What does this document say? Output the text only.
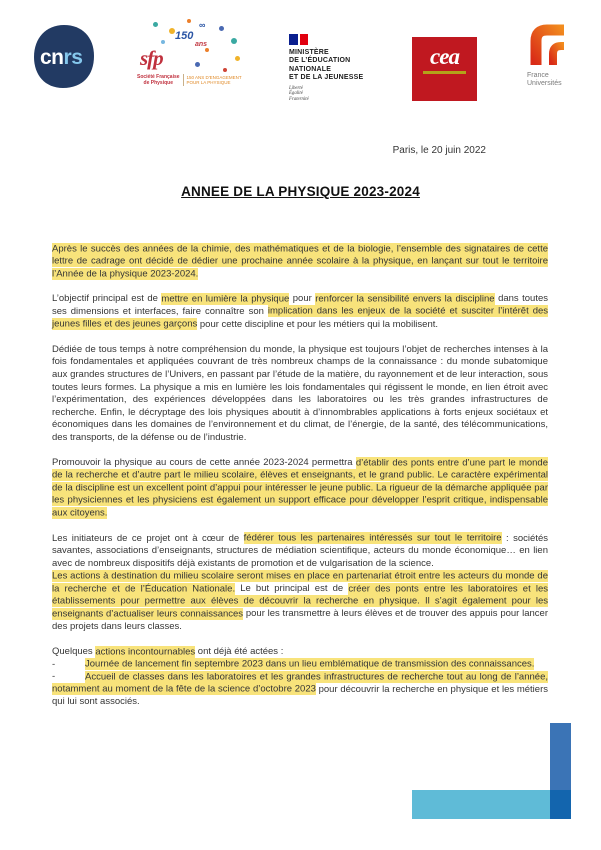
cnrs
∞
150
ans
sfp
Société Française
de Physique
150 ANS D'ENGAGEMENT
POUR LA PHYSIQUE
MINISTÈRE
DE L’ÉDUCATION
NATIONALE
ET DE LA JEUNESSE
Liberté
Égalité
Fraternité
cea
France
Universités
Paris, le 20 juin 2022
ANNEE DE LA PHYSIQUE 2023-2024

Après le succès des années de la chimie, des mathématiques et de la biologie, l’ensemble des signataires de cette lettre de cadrage ont décidé de dédier une prochaine année scolaire à la physique, en lançant sur tout le territoire l’Année de la physique 2023-2024.

L’objectif principal est de mettre en lumière la physique pour renforcer la sensibilité envers la discipline dans toutes ses dimensions et interfaces, faire connaître son implication dans les enjeux de la société et susciter l’intérêt des jeunes filles et des jeunes garçons pour cette discipline et pour les métiers qui la mobilisent.

Dédiée de tous temps à notre compréhension du monde, la physique est toujours l’objet de recherches intenses à la fois fondamentales et appliquées couvrant de très nombreux champs de la connaissance : du monde subatomique aux grandes structures de l’Univers, en passant par l’étude de la matière, du rayonnement et de leur interaction, sous toutes leurs formes. La physique a mis en lumière les lois fondamentales qui régissent le monde, en lien étroit avec l’expérimentation, des expériences développées dans les laboratoires ou les très grandes infrastructures de recherche. Enfin, le décryptage des lois physiques aboutit à d’innombrables applications à forts enjeux sociétaux et économiques dans les domaines de l’environnement et du climat, de l’énergie, de la santé, des télécommunications, des transports, de la défense ou de l’industrie.

Promouvoir la physique au cours de cette année 2023-2024 permettra d’établir des ponts entre d’une part le monde de la recherche et d’autre part le milieu scolaire, élèves et enseignants, et le grand public. Le caractère expérimental de la discipline est un excellent point d’appui pour intéresser le jeune public. La rigueur de la démarche appliquée par les physiciennes et les physiciens est également un support efficace pour développer l’esprit critique, indispensable aux citoyens.

Les initiateurs de ce projet ont à cœur de fédérer tous les partenaires intéressés sur tout le territoire : sociétés savantes, associations d’enseignants, structures de médiation scientifique, acteurs du monde économique… en lien avec de nombreux dispositifs déjà existants de promotion et de vulgarisation de la science.

Les actions à destination du milieu scolaire seront mises en place en partenariat étroit entre les acteurs du monde de la recherche et de l’Éducation Nationale. Le but principal est de créer des ponts entre les laboratoires et les établissements pour permettre aux élèves de découvrir la recherche en physique. Il s’agit également pour les enseignants d’actualiser leurs connaissances pour les transmettre à leurs élèves et de trouver des appuis pour lancer des projets dans leurs classes.

Quelques actions incontournables ont déjà été actées :

-	Journée de lancement fin septembre 2023 dans un lieu emblématique de transmission des connaissances.

-	Accueil de classes dans les laboratoires et les grandes infrastructures de recherche tout au long de l’année, notamment au moment de la fête de la science d’octobre 2023 pour découvrir la recherche en physique et les métiers qui lui sont associés.
